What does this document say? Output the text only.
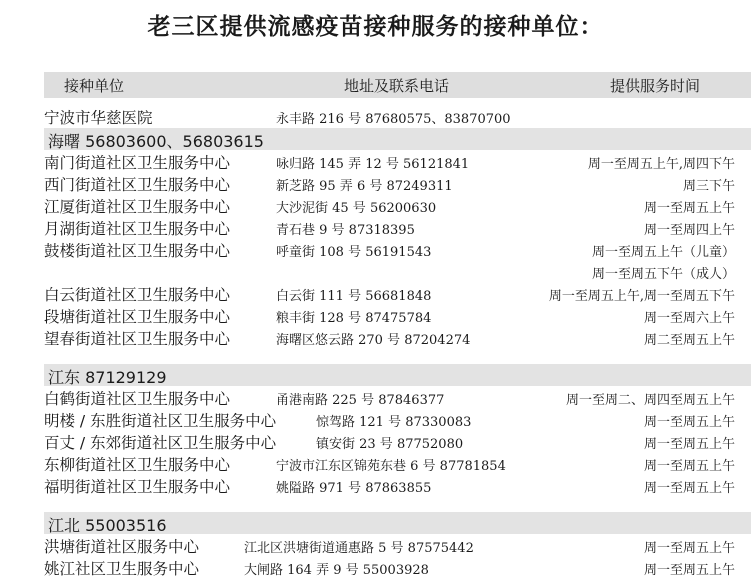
老三区提供流感疫苗接种服务的接种单位：
接种单位	地址及联系电话	提供服务时间
宁波市华慈医院	永丰路 216 号 87680575、83870700
海曙 56803600、56803615
南门街道社区卫生服务中心	咏归路 145 弄 12 号 56121841	周一至周五上午,周四下午
西门街道社区卫生服务中心	新芝路 95 弄 6 号 87249311	周三下午
江厦街道社区卫生服务中心	大沙泥街 45 号 56200630	周一至周五上午
月湖街道社区卫生服务中心	青石巷 9 号 87318395	周一至周四上午
鼓楼街道社区卫生服务中心	呼童街 108 号 56191543	周一至周五上午（儿童）
周一至周五下午（成人）
白云街道社区卫生服务中心	白云街 111 号 56681848	周一至周五上午,周一至周五下午
段塘街道社区卫生服务中心	粮丰街 128 号 87475784	周一至周六上午
望春街道社区卫生服务中心	海曙区悠云路 270 号 87204274	周二至周五上午
江东 87129129
白鹤街道社区卫生服务中心	甬港南路 225 号 87846377	周一至周二、周四至周五上午
明楼 / 东胜街道社区卫生服务中心	惊驾路 121 号 87330083	周一至周五上午
百丈 / 东郊街道社区卫生服务中心	镇安街 23 号 87752080	周一至周五上午
东柳街道社区卫生服务中心	宁波市江东区锦苑东巷 6 号 87781854	周一至周五上午
福明街道社区卫生服务中心	姚隘路 971 号 87863855	周一至周五上午
江北 55003516
洪塘街道社区服务中心	江北区洪塘街道通惠路 5 号 87575442	周一至周五上午
姚江社区卫生服务中心	大闸路 164 弄 9 号 55003928	周一至周五上午
